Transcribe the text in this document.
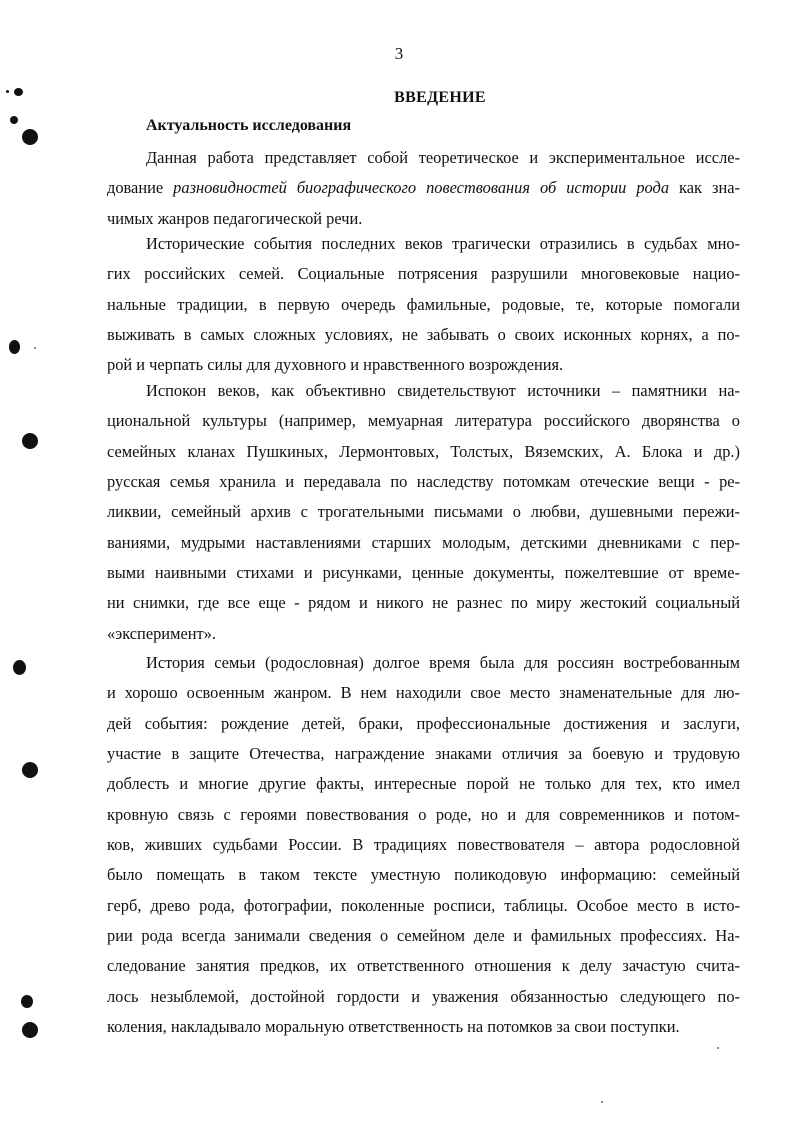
3
ВВЕДЕНИЕ
Актуальность исследования

Данная работа представляет собой теоретическое и экспериментальное иссле-
дование разновидностей биографического повествования об истории рода как зна-
чимых жанров педагогической речи.

Исторические события последних веков трагически отразились в судьбах мно-
гих российских семей. Социальные потрясения разрушили многовековые нацио-
нальные традиции, в первую очередь фамильные, родовые, те, которые помогали
выживать в самых сложных условиях, не забывать о своих исконных корнях, а по-
рой и черпать силы для духовного и нравственного возрождения.

Испокон веков, как объективно свидетельствуют источники – памятники на-
циональной культуры (например, мемуарная литература российского дворянства о
семейных кланах Пушкиных, Лермонтовых, Толстых, Вяземских, А. Блока и др.)
русская семья хранила и передавала по наследству потомкам отеческие вещи - ре-
ликвии, семейный архив с трогательными письмами о любви, душевными пережи-
ваниями, мудрыми наставлениями старших молодым, детскими дневниками с пер-
выми наивными стихами и рисунками, ценные документы, пожелтевшие от време-
ни снимки, где все еще - рядом и никого не разнес по миру жестокий социальный
«эксперимент».

История семьи (родословная) долгое время была для россиян востребованным
и хорошо освоенным жанром. В нем находили свое место знаменательные для лю-
дей события: рождение детей, браки, профессиональные достижения и заслуги,
участие в защите Отечества, награждение знаками отличия за боевую и трудовую
доблесть и многие другие факты, интересные порой не только для тех, кто имел
кровную связь с героями повествования о роде, но и для современников и потом-
ков, живших судьбами России. В традициях повествователя – автора родословной
было помещать в таком тексте уместную поликодовую информацию: семейный
герб, древо рода, фотографии, поколенные росписи, таблицы. Особое место в исто-
рии рода всегда занимали сведения о семейном деле и фамильных профессиях. На-
следование занятия предков, их ответственного отношения к делу зачастую счита-
лось незыблемой, достойной гордости и уважения обязанностью следующего по-
коления, накладывало моральную ответственность на потомков за свои поступки.
